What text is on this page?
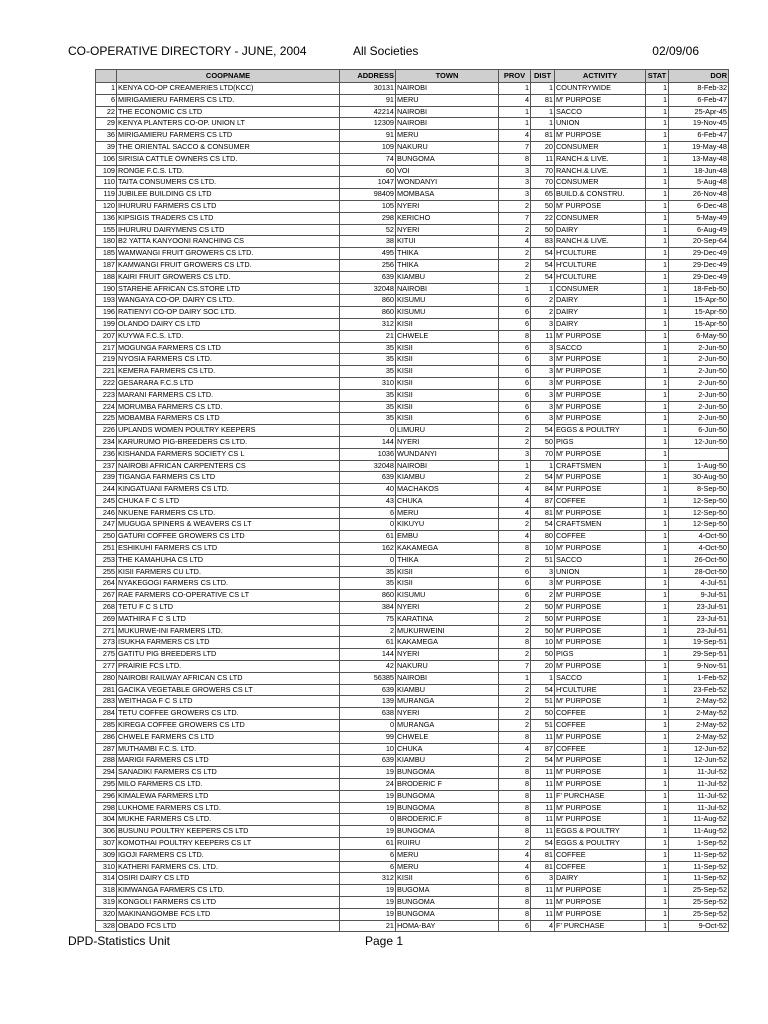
CO-OPERATIVE DIRECTORY - JUNE, 2004	All Societies	02/09/06
	COOPNAME	ADDRESS	TOWN	PROV	DIST	ACTIVITY	STAT	DOR
1	KENYA CO-OP CREAMERIES LTD(KCC)	30131	NAIROBI	1	1	COUNTRYWIDE	1	8-Feb-32
6	MIRIGAMIERU FARMERS CS LTD.	91	MERU	4	81	M' PURPOSE	1	6-Feb-47
22	THE ECONOMIC CS LTD	42214	NAIROBI	1	1	SACCO	1	25-Apr-45
29	KENYA PLANTERS CO-OP. UNION LT	12309	NAIROBI	1	1	UNION	1	19-Nov-45
36	MIRIGAMIERU FARMERS CS LTD	91	MERU	4	81	M' PURPOSE	1	6-Feb-47
39	THE ORIENTAL SACCO & CONSUMER	109	NAKURU	7	20	CONSUMER	1	19-May-48
106	SIRISIA CATTLE OWNERS CS LTD.	74	BUNGOMA	8	11	RANCH.& LIVE.	1	13-May-48
109	RONGE F.C.S. LTD.	60	VOI	3	70	RANCH.& LIVE.	1	18-Jun-48
110	TAITA CONSUMERS CS LTD.	1047	WONDANYI	3	70	CONSUMER	1	5-Aug-48
119	JUBILEE BUILDING CS LTD	98409	MOMBASA	3	65	BUILD.& CONSTRU.	1	26-Nov-48
120	IHURURU FARMERS CS LTD	105	NYERI	2	50	M' PURPOSE	1	6-Dec-48
136	KIPSIGIS TRADERS CS LTD	298	KERICHO	7	22	CONSUMER	1	5-May-49
155	IHURURU DAIRYMENS CS LTD	52	NYERI	2	50	DAIRY	1	6-Aug-49
180	B2 YATTA KANYOONI RANCHING CS	38	KITUI	4	83	RANCH.& LIVE.	1	20-Sep-64
185	WAMWANGI FRUIT GROWERS CS LTD.	495	THIKA	2	54	H'CULTURE	1	29-Dec-49
187	KAMWANGI FRUIT GROWERS CS LTD.	256	THIKA	2	54	H'CULTURE	1	29-Dec-49
188	KAIRI FRUIT GROWERS CS LTD.	639	KIAMBU	2	54	H'CULTURE	1	29-Dec-49
190	STAREHE AFRICAN CS.STORE LTD	32048	NAIROBI	1	1	CONSUMER	1	18-Feb-50
193	WANGAYA CO-OP. DAIRY CS LTD.	860	KISUMU	6	2	DAIRY	1	15-Apr-50
196	RATIENYI CO-OP DAIRY SOC LTD.	860	KISUMU	6	2	DAIRY	1	15-Apr-50
199	OLANDO DAIRY CS LTD	312	KISII	6	3	DAIRY	1	15-Apr-50
207	KUYWA F.C.S. LTD.	21	CHWELE	8	11	M' PURPOSE	1	6-May-50
217	MOGUNGA FARMERS CS LTD	35	KISII	6	3	SACCO	1	2-Jun-50
219	NYOSIA FARMERS CS LTD.	35	KISII	6	3	M' PURPOSE	1	2-Jun-50
221	KEMERA FARMERS CS LTD.	35	KISII	6	3	M' PURPOSE	1	2-Jun-50
222	GESARARA F.C.S LTD	310	KISII	6	3	M' PURPOSE	1	2-Jun-50
223	MARANI FARMERS CS LTD.	35	KISII	6	3	M' PURPOSE	1	2-Jun-50
224	MORUMBA FARMERS CS LTD.	35	KISII	6	3	M' PURPOSE	1	2-Jun-50
225	MOBAMBA FARMERS CS LTD	35	KISII	6	3	M' PURPOSE	1	2-Jun-50
226	UPLANDS WOMEN POULTRY KEEPERS	0	LIMURU	2	54	EGGS & POULTRY	1	6-Jun-50
234	KARURUMO PIG-BREEDERS CS LTD.	144	NYERI	2	50	PIGS	1	12-Jun-50
236	KISHANDA FARMERS SOCIETY CS L	1036	WUNDANYI	3	70	M' PURPOSE	1	
237	NAIROBI AFRICAN CARPENTERS CS	32048	NAIROBI	1	1	CRAFTSMEN	1	1-Aug-50
239	TIGANGA FARMERS CS LTD	639	KIAMBU	2	54	M' PURPOSE	1	30-Aug-50
244	KINGATUANI FARMERS CS LTD.	40	MACHAKOS	4	84	M' PURPOSE	1	8-Sep-50
245	CHUKA F C S LTD	43	CHUKA	4	87	COFFEE	1	12-Sep-50
246	NKUENE FARMERS CS LTD.	6	MERU	4	81	M' PURPOSE	1	12-Sep-50
247	MUGUGA SPINERS & WEAVERS CS LT	0	KIKUYU	2	54	CRAFTSMEN	1	12-Sep-50
250	GATURI COFFEE GROWERS CS LTD	61	EMBU	4	80	COFFEE	1	4-Oct-50
251	ESHIKUHI FARMERS CS LTD	162	KAKAMEGA	8	10	M' PURPOSE	1	4-Oct-50
253	THE KAMAHUHA CS LTD	0	THIKA	2	51	SACCO	1	26-Oct-50
255	KISII FARMERS CU LTD.	35	KISII	6	3	UNION	1	28-Oct-50
264	NYAKEGOGI FARMERS CS LTD.	35	KISII	6	3	M' PURPOSE	1	4-Jul-51
267	RAE FARMERS CO-OPERATIVE CS LT	860	KISUMU	6	2	M' PURPOSE	1	9-Jul-51
268	TETU F C S LTD	384	NYERI	2	50	M' PURPOSE	1	23-Jul-51
269	MATHIRA F C S LTD	75	KARATINA	2	50	M' PURPOSE	1	23-Jul-51
271	MUKURWE-INI FARMERS LTD.	2	MUKURWEINI	2	50	M' PURPOSE	1	23-Jul-51
273	ISUKHA FARMERS CS LTD	61	KAKAMEGA	8	10	M' PURPOSE	1	19-Sep-51
275	GATITU PIG BREEDERS LTD	144	NYERI	2	50	PIGS	1	29-Sep-51
277	PRAIRIE FCS LTD.	42	NAKURU	7	20	M' PURPOSE	1	9-Nov-51
280	NAIROBI RAILWAY AFRICAN CS LTD	56385	NAIROBI	1	1	SACCO	1	1-Feb-52
281	GACIKA VEGETABLE GROWERS CS LT	639	KIAMBU	2	54	H'CULTURE	1	23-Feb-52
283	WEITHAGA F C S LTD	139	MURANGA	2	51	M' PURPOSE	1	2-May-52
284	TETU COFFEE GROWERS CS LTD.	638	NYERI	2	50	COFFEE	1	2-May-52
285	KIREGA COFFEE GROWERS CS LTD	0	MURANGA	2	51	COFFEE	1	2-May-52
286	CHWELE FARMERS CS LTD	99	CHWELE	8	11	M' PURPOSE	1	2-May-52
287	MUTHAMBI F.C.S. LTD.	10	CHUKA	4	87	COFFEE	1	12-Jun-52
288	MARIGI FARMERS CS LTD	639	KIAMBU	2	54	M' PURPOSE	1	12-Jun-52
294	SANADIKI FARMERS CS LTD	19	BUNGOMA	8	11	M' PURPOSE	1	11-Jul-52
295	MILO FARMERS CS LTD.	24	BRODERIC F	8	11	M' PURPOSE	1	11-Jul-52
296	KIMALEWA FARMERS LTD	19	BUNGOMA	8	11	F' PURCHASE	1	11-Jul-52
298	LUKHOME FARMERS CS LTD.	19	BUNGOMA	8	11	M' PURPOSE	1	11-Jul-52
304	MUKHE FARMERS CS LTD.	0	BRODERIC.F	8	11	M' PURPOSE	1	11-Aug-52
306	BUSUNU POULTRY KEEPERS CS LTD	19	BUNGOMA	8	11	EGGS & POULTRY	1	11-Aug-52
307	KOMOTHAI POULTRY KEEPERS CS LT	61	RUIRU	2	54	EGGS & POULTRY	1	1-Sep-52
309	IGOJI FARMERS CS LTD.	6	MERU	4	81	COFFEE	1	11-Sep-52
310	KATHERI FARMERS CS. LTD.	6	MERU	4	81	COFFEE	1	11-Sep-52
314	OSIRI DAIRY CS LTD	312	KISII	6	3	DAIRY	1	11-Sep-52
318	KIMWANGA FARMERS CS LTD.	19	BUGOMA	8	11	M' PURPOSE	1	25-Sep-52
319	KONGOLI FARMERS CS LTD	19	BUNGOMA	8	11	M' PURPOSE	1	25-Sep-52
320	MAKINANGOMBE FCS LTD	19	BUNGOMA	8	11	M' PURPOSE	1	25-Sep-52
328	OBADO FCS LTD	21	HOMA-BAY	6	4	F' PURCHASE	1	9-Oct-52
DPD-Statistics Unit	Page 1
